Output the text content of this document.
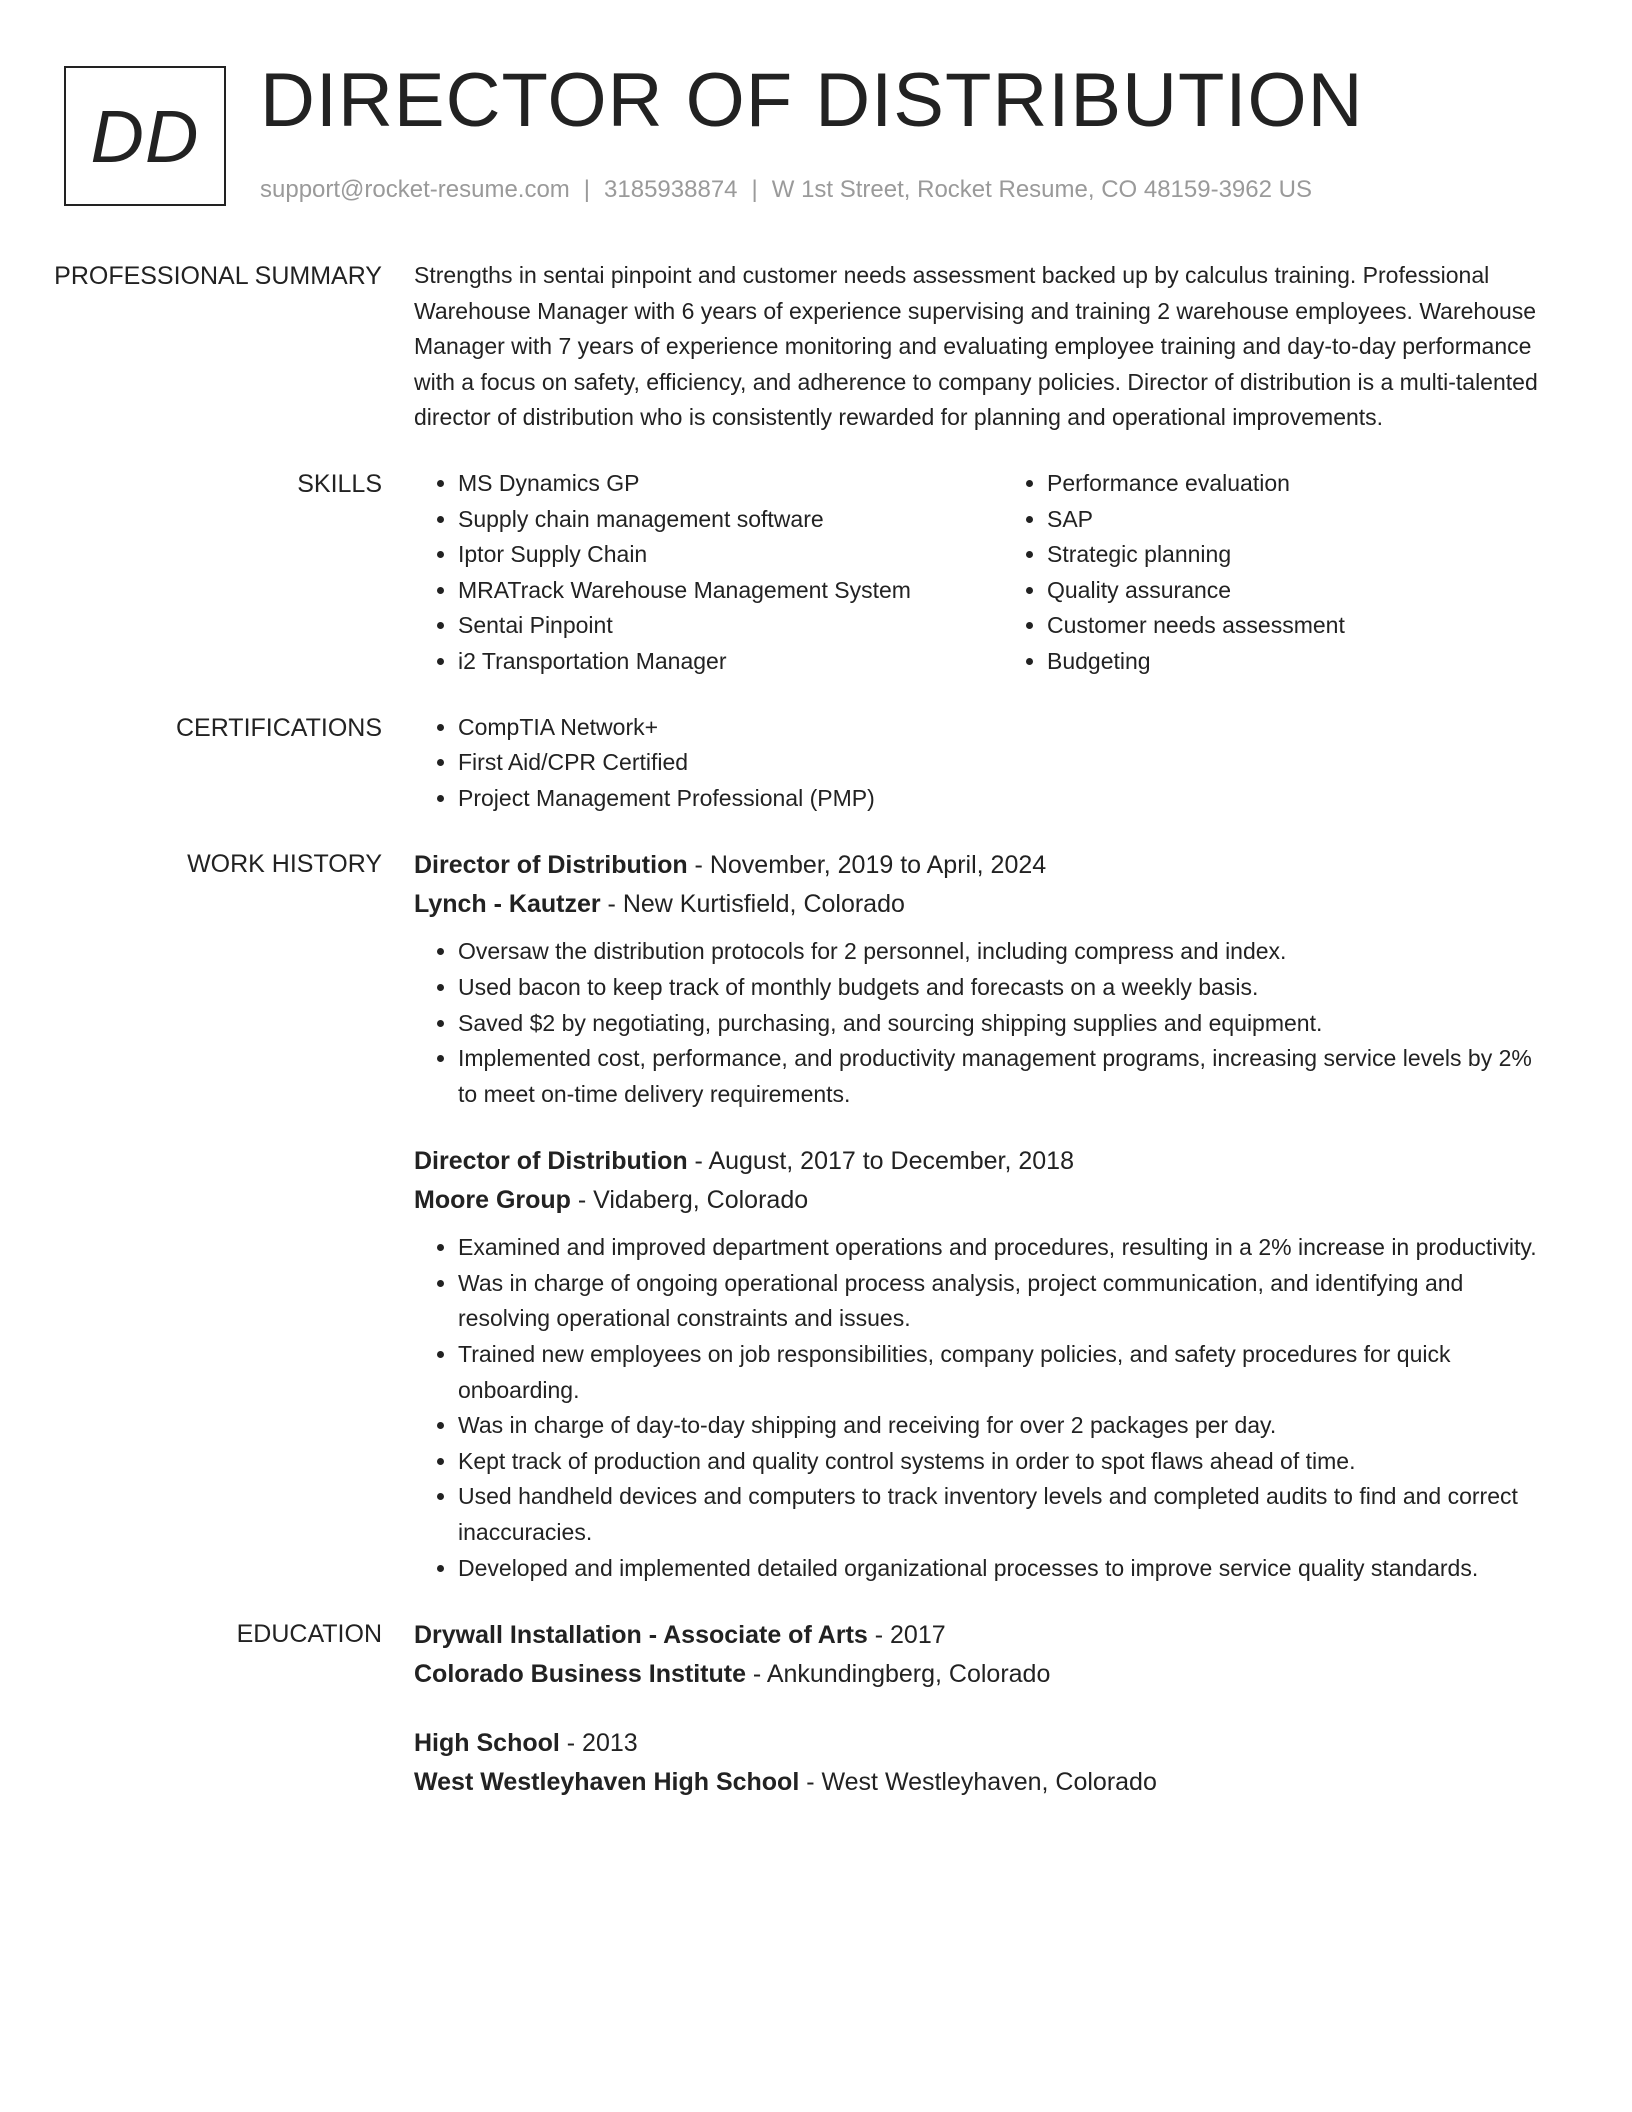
DD DIRECTOR OF DISTRIBUTION
support@rocket-resume.com | 3185938874 | W 1st Street, Rocket Resume, CO 48159-3962 US
PROFESSIONAL SUMMARY	Strengths in sentai pinpoint and customer needs assessment backed up by calculus training. Professional Warehouse Manager with 6 years of experience supervising and training 2 warehouse employees. Warehouse Manager with 7 years of experience monitoring and evaluating employee training and day-to-day performance with a focus on safety, efficiency, and adherence to company policies. Director of distribution is a multi-talented director of distribution who is consistently rewarded for planning and operational improvements.

SKILLS	• MS Dynamics GP
• Supply chain management software
• Iptor Supply Chain
• MRATrack Warehouse Management System
• Sentai Pinpoint
• i2 Transportation Manager
• Performance evaluation
• SAP
• Strategic planning
• Quality assurance
• Customer needs assessment
• Budgeting
CERTIFICATIONS	• CompTIA Network+
• First Aid/CPR Certified
• Project Management Professional (PMP)
WORK HISTORY	Director of Distribution - November, 2019 to April, 2024
Lynch - Kautzer - New Kurtisfield, Colorado
• Oversaw the distribution protocols for 2 personnel, including compress and index.
• Used bacon to keep track of monthly budgets and forecasts on a weekly basis.
• Saved $2 by negotiating, purchasing, and sourcing shipping supplies and equipment.
• Implemented cost, performance, and productivity management programs, increasing service levels by 2% to meet on-time delivery requirements.
Director of Distribution - August, 2017 to December, 2018
Moore Group - Vidaberg, Colorado
• Examined and improved department operations and procedures, resulting in a 2% increase in productivity.
• Was in charge of ongoing operational process analysis, project communication, and identifying and resolving operational constraints and issues.
• Trained new employees on job responsibilities, company policies, and safety procedures for quick onboarding.
• Was in charge of day-to-day shipping and receiving for over 2 packages per day.
• Kept track of production and quality control systems in order to spot flaws ahead of time.
• Used handheld devices and computers to track inventory levels and completed audits to find and correct inaccuracies.
• Developed and implemented detailed organizational processes to improve service quality standards.
EDUCATION	Drywall Installation - Associate of Arts - 2017
Colorado Business Institute - Ankundingberg, Colorado
High School - 2013
West Westleyhaven High School - West Westleyhaven, Colorado
